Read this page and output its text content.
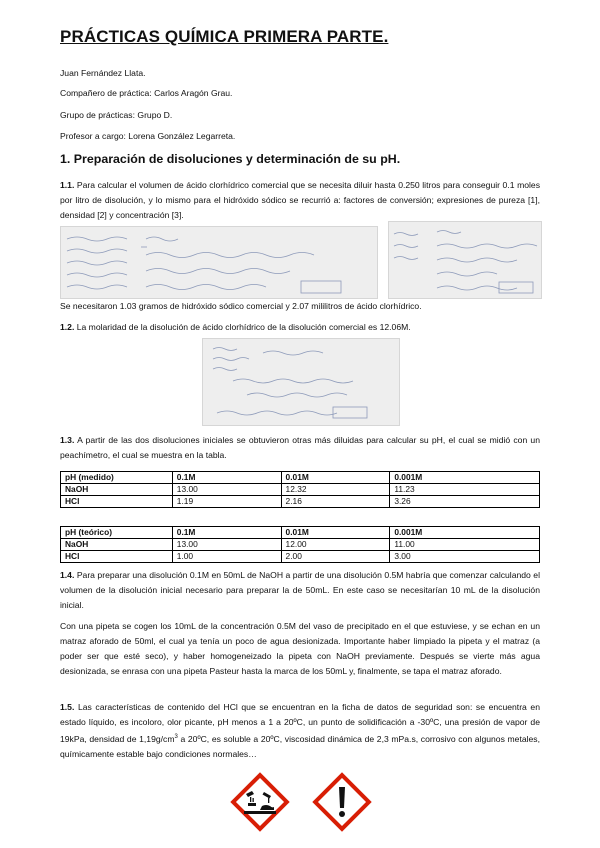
PRÁCTICAS QUÍMICA PRIMERA PARTE.
Juan Fernández Llata.
Compañero de práctica: Carlos Aragón Grau.
Grupo de prácticas: Grupo D.
Profesor a cargo: Lorena González Legarreta.
1. Preparación de disoluciones y determinación de su pH.
1.1. Para calcular el volumen de ácido clorhídrico comercial que se necesita diluir hasta 0.250 litros para conseguir 0.1 moles por litro de disolución, y lo mismo para el hidróxido sódico se recurrió a: factores de conversión; expresiones de pureza [1], densidad [2] y concentración [3].
Se necesitaron 1.03 gramos de hidróxido sódico comercial y 2.07 mililitros de ácido clorhídrico.
1.2. La molaridad de la disolución de ácido clorhídrico de la disolución comercial es 12.06M.
1.3. A partir de las dos disoluciones iniciales se obtuvieron otras más diluidas para calcular su pH, el cual se midió con un peachímetro, el cual se muestra en la tabla.
pH (medido)	0.1M	0.01M	0.001M
NaOH	13.00	12.32	11.23
HCl	1.19	2.16	3.26
pH (teórico)	0.1M	0.01M	0.001M
NaOH	13.00	12.00	11.00
HCl	1.00	2.00	3.00
1.4. Para preparar una disolución 0.1M en 50mL de NaOH a partir de una disolución 0.5M habría que comenzar calculando el volumen de la disolución inicial necesario para preparar la de 50mL. En este caso se necesitarían 10 mL de la disolución inicial.
Con una pipeta se cogen los 10mL de la concentración 0.5M del vaso de precipitado en el que estuviese, y se echan en un matraz aforado de 50ml, el cual ya tenía un poco de agua desionizada. Importante haber limpiado la pipeta y el matraz (a poder ser que esté seco), y haber homogeneizado la pipeta con NaOH previamente. Después se vierte más agua desionizada, se enrasa con una pipeta Pasteur hasta la marca de los 50mL y, finalmente, se tapa el matraz aforado.
1.5. Las características de contenido del HCl que se encuentran en la ficha de datos de seguridad son: se encuentra en estado líquido, es incoloro, olor picante, pH menos a 1 a 20ºC, un punto de solidificación a -30ºC, una presión de vapor de 19kPa, densidad de $1,19g/cm^3$ a 20ºC, es soluble a 20ºC, viscosidad dinámica de 2,3 mPa.s, corrosivo con algunos metales, químicamente estable bajo condiciones normales…
